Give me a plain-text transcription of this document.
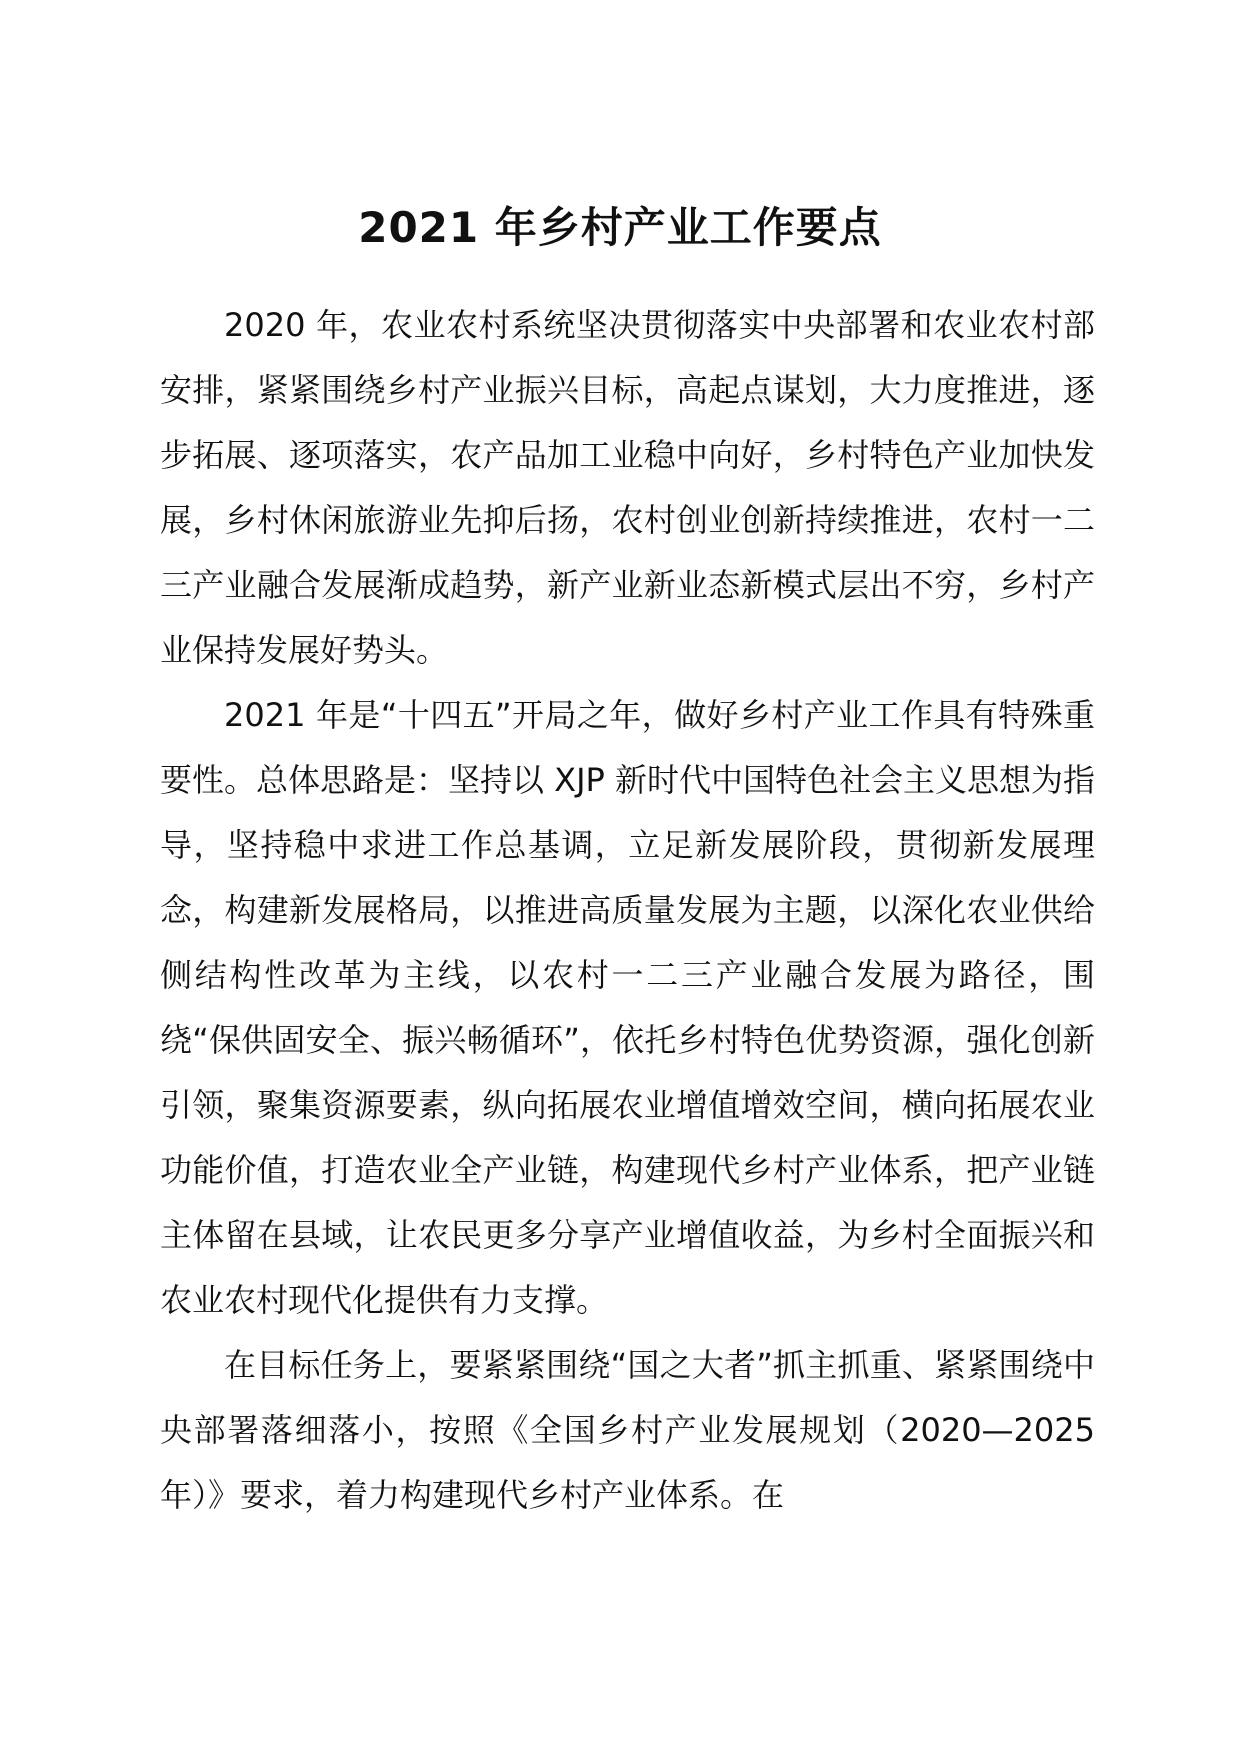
2021 年乡村产业工作要点

2020 年，农业农村系统坚决贯彻落实中央部署和农业农村部安排，紧紧围绕乡村产业振兴目标，高起点谋划，大力度推进，逐步拓展、逐项落实，农产品加工业稳中向好，乡村特色产业加快发展，乡村休闲旅游业先抑后扬，农村创业创新持续推进，农村一二三产业融合发展渐成趋势，新产业新业态新模式层出不穷，乡村产业保持发展好势头。

2021 年是“十四五”开局之年，做好乡村产业工作具有特殊重要性。总体思路是：坚持以 XJP 新时代中国特色社会主义思想为指导，坚持稳中求进工作总基调，立足新发展阶段，贯彻新发展理念，构建新发展格局，以推进高质量发展为主题，以深化农业供给侧结构性改革为主线，以农村一二三产业融合发展为路径，围绕“保供固安全、振兴畅循环”，依托乡村特色优势资源，强化创新引领，聚集资源要素，纵向拓展农业增值增效空间，横向拓展农业功能价值，打造农业全产业链，构建现代乡村产业体系，把产业链主体留在县域，让农民更多分享产业增值收益，为乡村全面振兴和农业农村现代化提供有力支撑。

在目标任务上，要紧紧围绕“国之大者”抓主抓重、紧紧围绕中央部署落细落小，按照《全国乡村产业发展规划（2020—2025 年）》要求，着力构建现代乡村产业体系。在
